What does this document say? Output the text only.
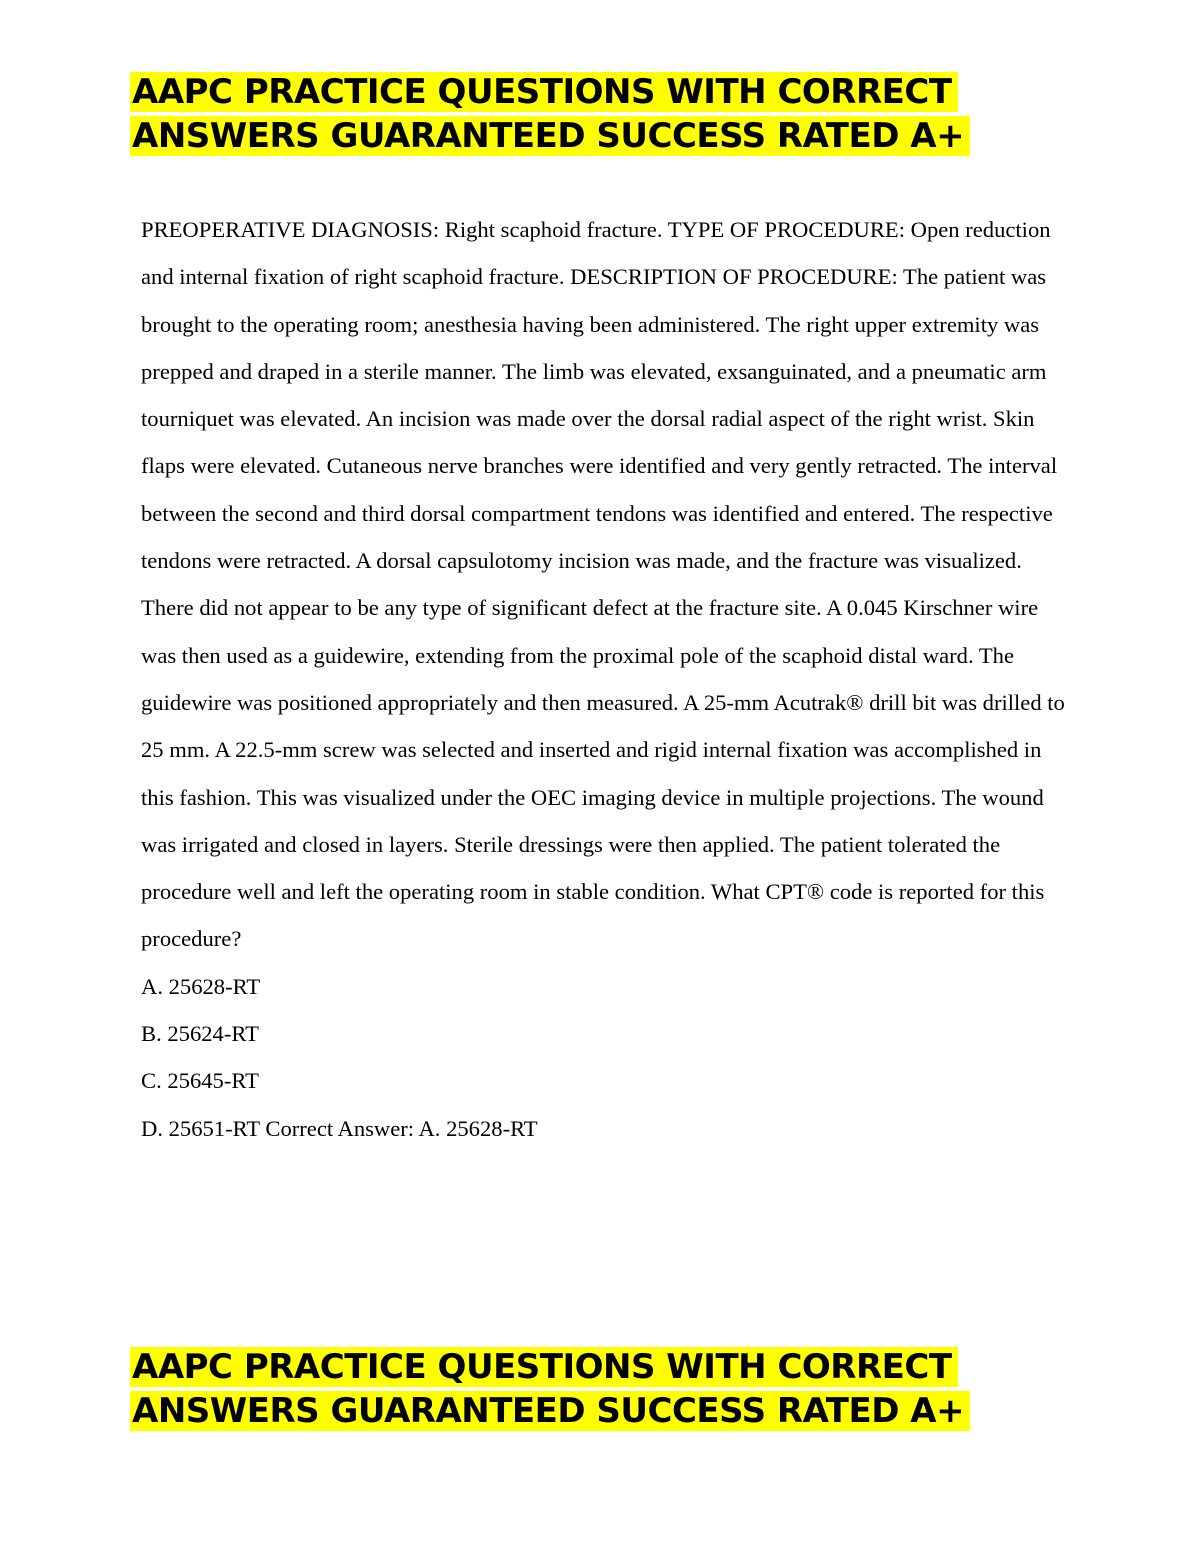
AAPC PRACTICE QUESTIONS WITH CORRECT
ANSWERS GUARANTEED SUCCESS RATED A+

PREOPERATIVE DIAGNOSIS: Right scaphoid fracture. TYPE OF PROCEDURE: Open reduction and internal fixation of right scaphoid fracture. DESCRIPTION OF PROCEDURE: The patient was brought to the operating room; anesthesia having been administered. The right upper extremity was prepped and draped in a sterile manner. The limb was elevated, exsanguinated, and a pneumatic arm tourniquet was elevated. An incision was made over the dorsal radial aspect of the right wrist. Skin flaps were elevated. Cutaneous nerve branches were identified and very gently retracted. The interval between the second and third dorsal compartment tendons was identified and entered. The respective tendons were retracted. A dorsal capsulotomy incision was made, and the fracture was visualized. There did not appear to be any type of significant defect at the fracture site. A 0.045 Kirschner wire was then used as a guidewire, extending from the proximal pole of the scaphoid distal ward. The guidewire was positioned appropriately and then measured. A 25-mm Acutrak® drill bit was drilled to 25 mm. A 22.5-mm screw was selected and inserted and rigid internal fixation was accomplished in this fashion. This was visualized under the OEC imaging device in multiple projections. The wound was irrigated and closed in layers. Sterile dressings were then applied. The patient tolerated the procedure well and left the operating room in stable condition. What CPT® code is reported for this procedure?

A. 25628-RT
B. 25624-RT
C. 25645-RT
D. 25651-RT Correct Answer: A. 25628-RT
AAPC PRACTICE QUESTIONS WITH CORRECT
ANSWERS GUARANTEED SUCCESS RATED A+
